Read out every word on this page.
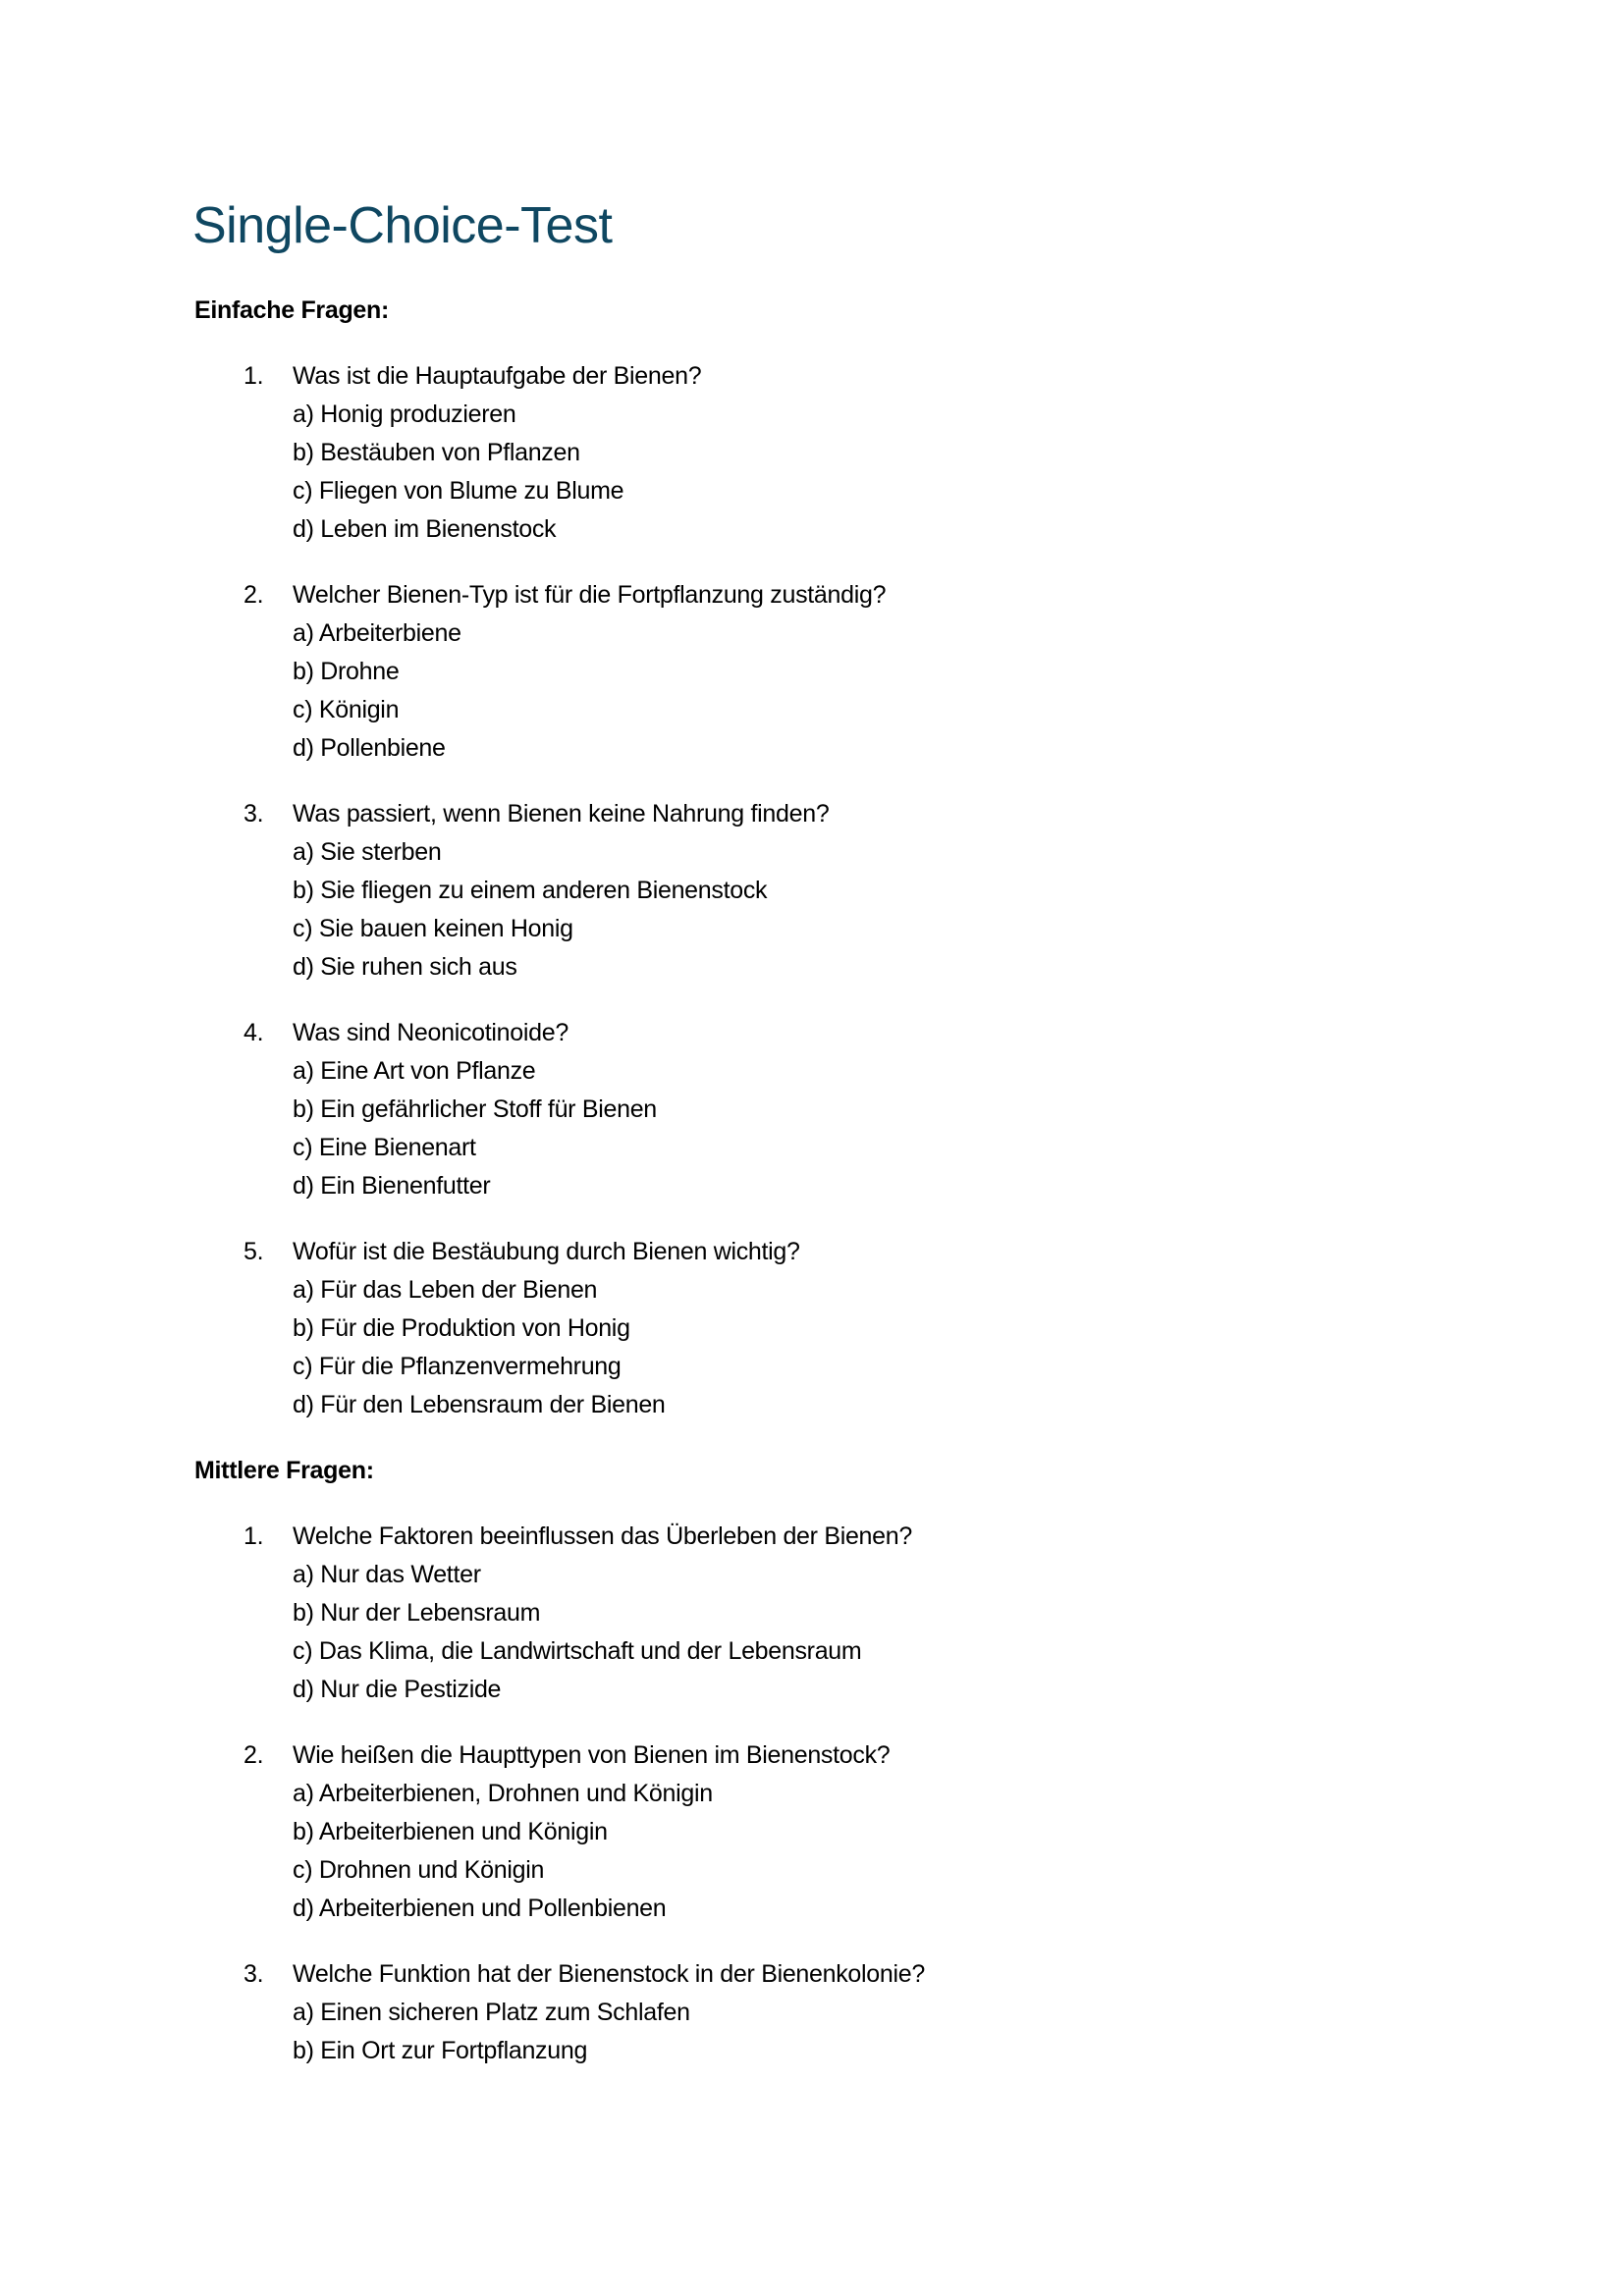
Single-Choice-Test
Einfache Fragen:
1. Was ist die Hauptaufgabe der Bienen?
a) Honig produzieren
b) Bestäuben von Pflanzen
c) Fliegen von Blume zu Blume
d) Leben im Bienenstock
2. Welcher Bienen-Typ ist für die Fortpflanzung zuständig?
a) Arbeiterbiene
b) Drohne
c) Königin
d) Pollenbiene
3. Was passiert, wenn Bienen keine Nahrung finden?
a) Sie sterben
b) Sie fliegen zu einem anderen Bienenstock
c) Sie bauen keinen Honig
d) Sie ruhen sich aus
4. Was sind Neonicotinoide?
a) Eine Art von Pflanze
b) Ein gefährlicher Stoff für Bienen
c) Eine Bienenart
d) Ein Bienenfutter
5. Wofür ist die Bestäubung durch Bienen wichtig?
a) Für das Leben der Bienen
b) Für die Produktion von Honig
c) Für die Pflanzenvermehrung
d) Für den Lebensraum der Bienen
Mittlere Fragen:
1. Welche Faktoren beeinflussen das Überleben der Bienen?
a) Nur das Wetter
b) Nur der Lebensraum
c) Das Klima, die Landwirtschaft und der Lebensraum
d) Nur die Pestizide
2. Wie heißen die Haupttypen von Bienen im Bienenstock?
a) Arbeiterbienen, Drohnen und Königin
b) Arbeiterbienen und Königin
c) Drohnen und Königin
d) Arbeiterbienen und Pollenbienen
3. Welche Funktion hat der Bienenstock in der Bienenkolonie?
a) Einen sicheren Platz zum Schlafen
b) Ein Ort zur Fortpflanzung
